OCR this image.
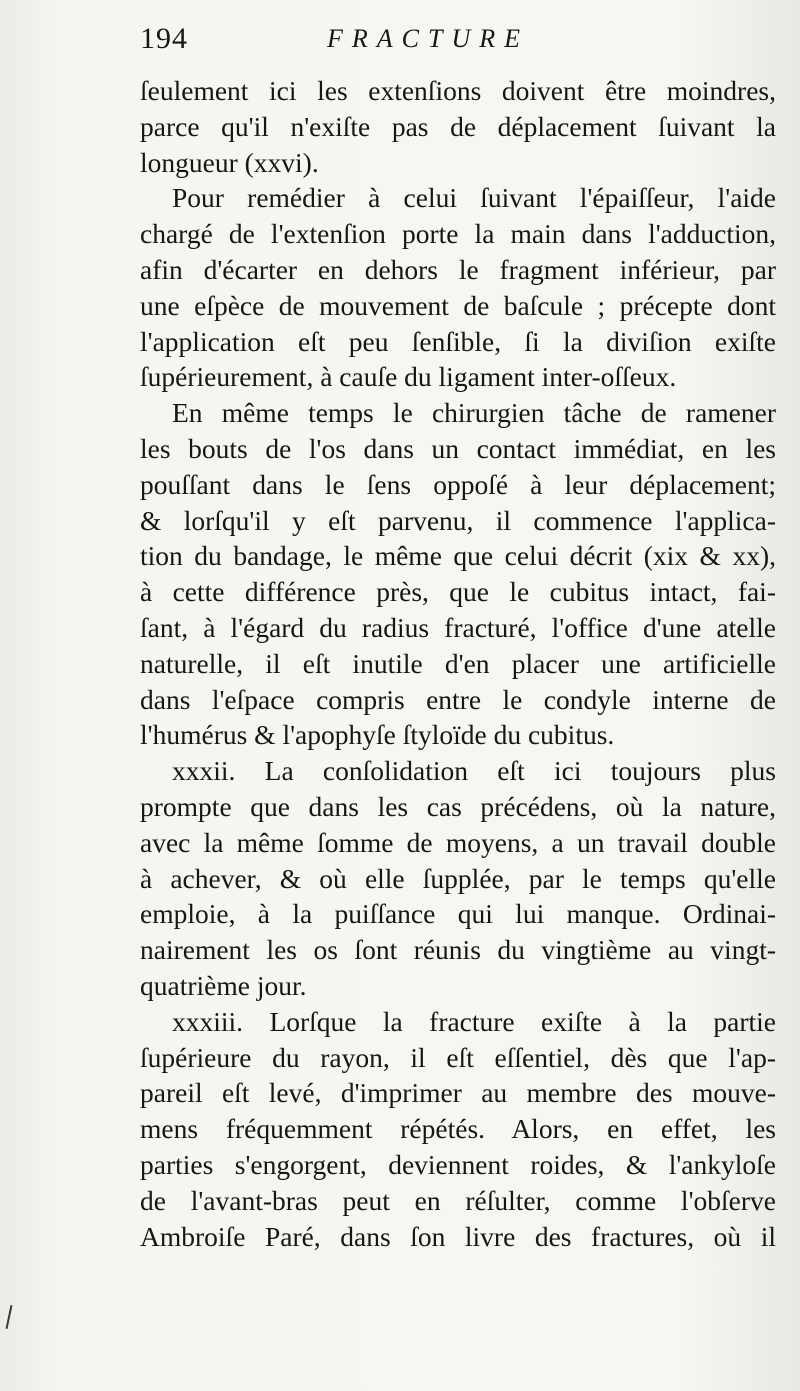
194	FRACTURE
ſeulement ici les extenſions doivent être moindres,
parce qu'il n'exiſte pas de déplacement ſuivant la
longueur (xxvi).
Pour remédier à celui ſuivant l'épaiſſeur, l'aide
chargé de l'extenſion porte la main dans l'adduction,
afin d'écarter en dehors le fragment inférieur, par
une eſpèce de mouvement de baſcule ; précepte dont
l'application eſt peu ſenſible, ſi la diviſion exiſte
ſupérieurement, à cauſe du ligament inter-oſſeux.
En même temps le chirurgien tâche de ramener
les bouts de l'os dans un contact immédiat, en les
pouſſant dans le ſens oppoſé à leur déplacement;
& lorſqu'il y eſt parvenu, il commence l'applica-
tion du bandage, le même que celui décrit (xix & xx),
à cette différence près, que le cubitus intact, fai-
ſant, à l'égard du radius fracturé, l'office d'une atelle
naturelle, il eſt inutile d'en placer une artificielle
dans l'eſpace compris entre le condyle interne de
l'humérus & l'apophyſe ſtyloïde du cubitus.
xxxii. La conſolidation eſt ici toujours plus
prompte que dans les cas précédens, où la nature,
avec la même ſomme de moyens, a un travail double
à achever, & où elle ſupplée, par le temps qu'elle
emploie, à la puiſſance qui lui manque. Ordinai-
nairement les os ſont réunis du vingtième au vingt-
quatrième jour.
xxxiii. Lorſque la fracture exiſte à la partie
ſupérieure du rayon, il eſt eſſentiel, dès que l'ap-
pareil eſt levé, d'imprimer au membre des mouve-
mens fréquemment répétés. Alors, en effet, les
parties s'engorgent, deviennent roides, & l'ankyloſe
de l'avant-bras peut en réſulter, comme l'obſerve
Ambroiſe Paré, dans ſon livre des fractures, où il
